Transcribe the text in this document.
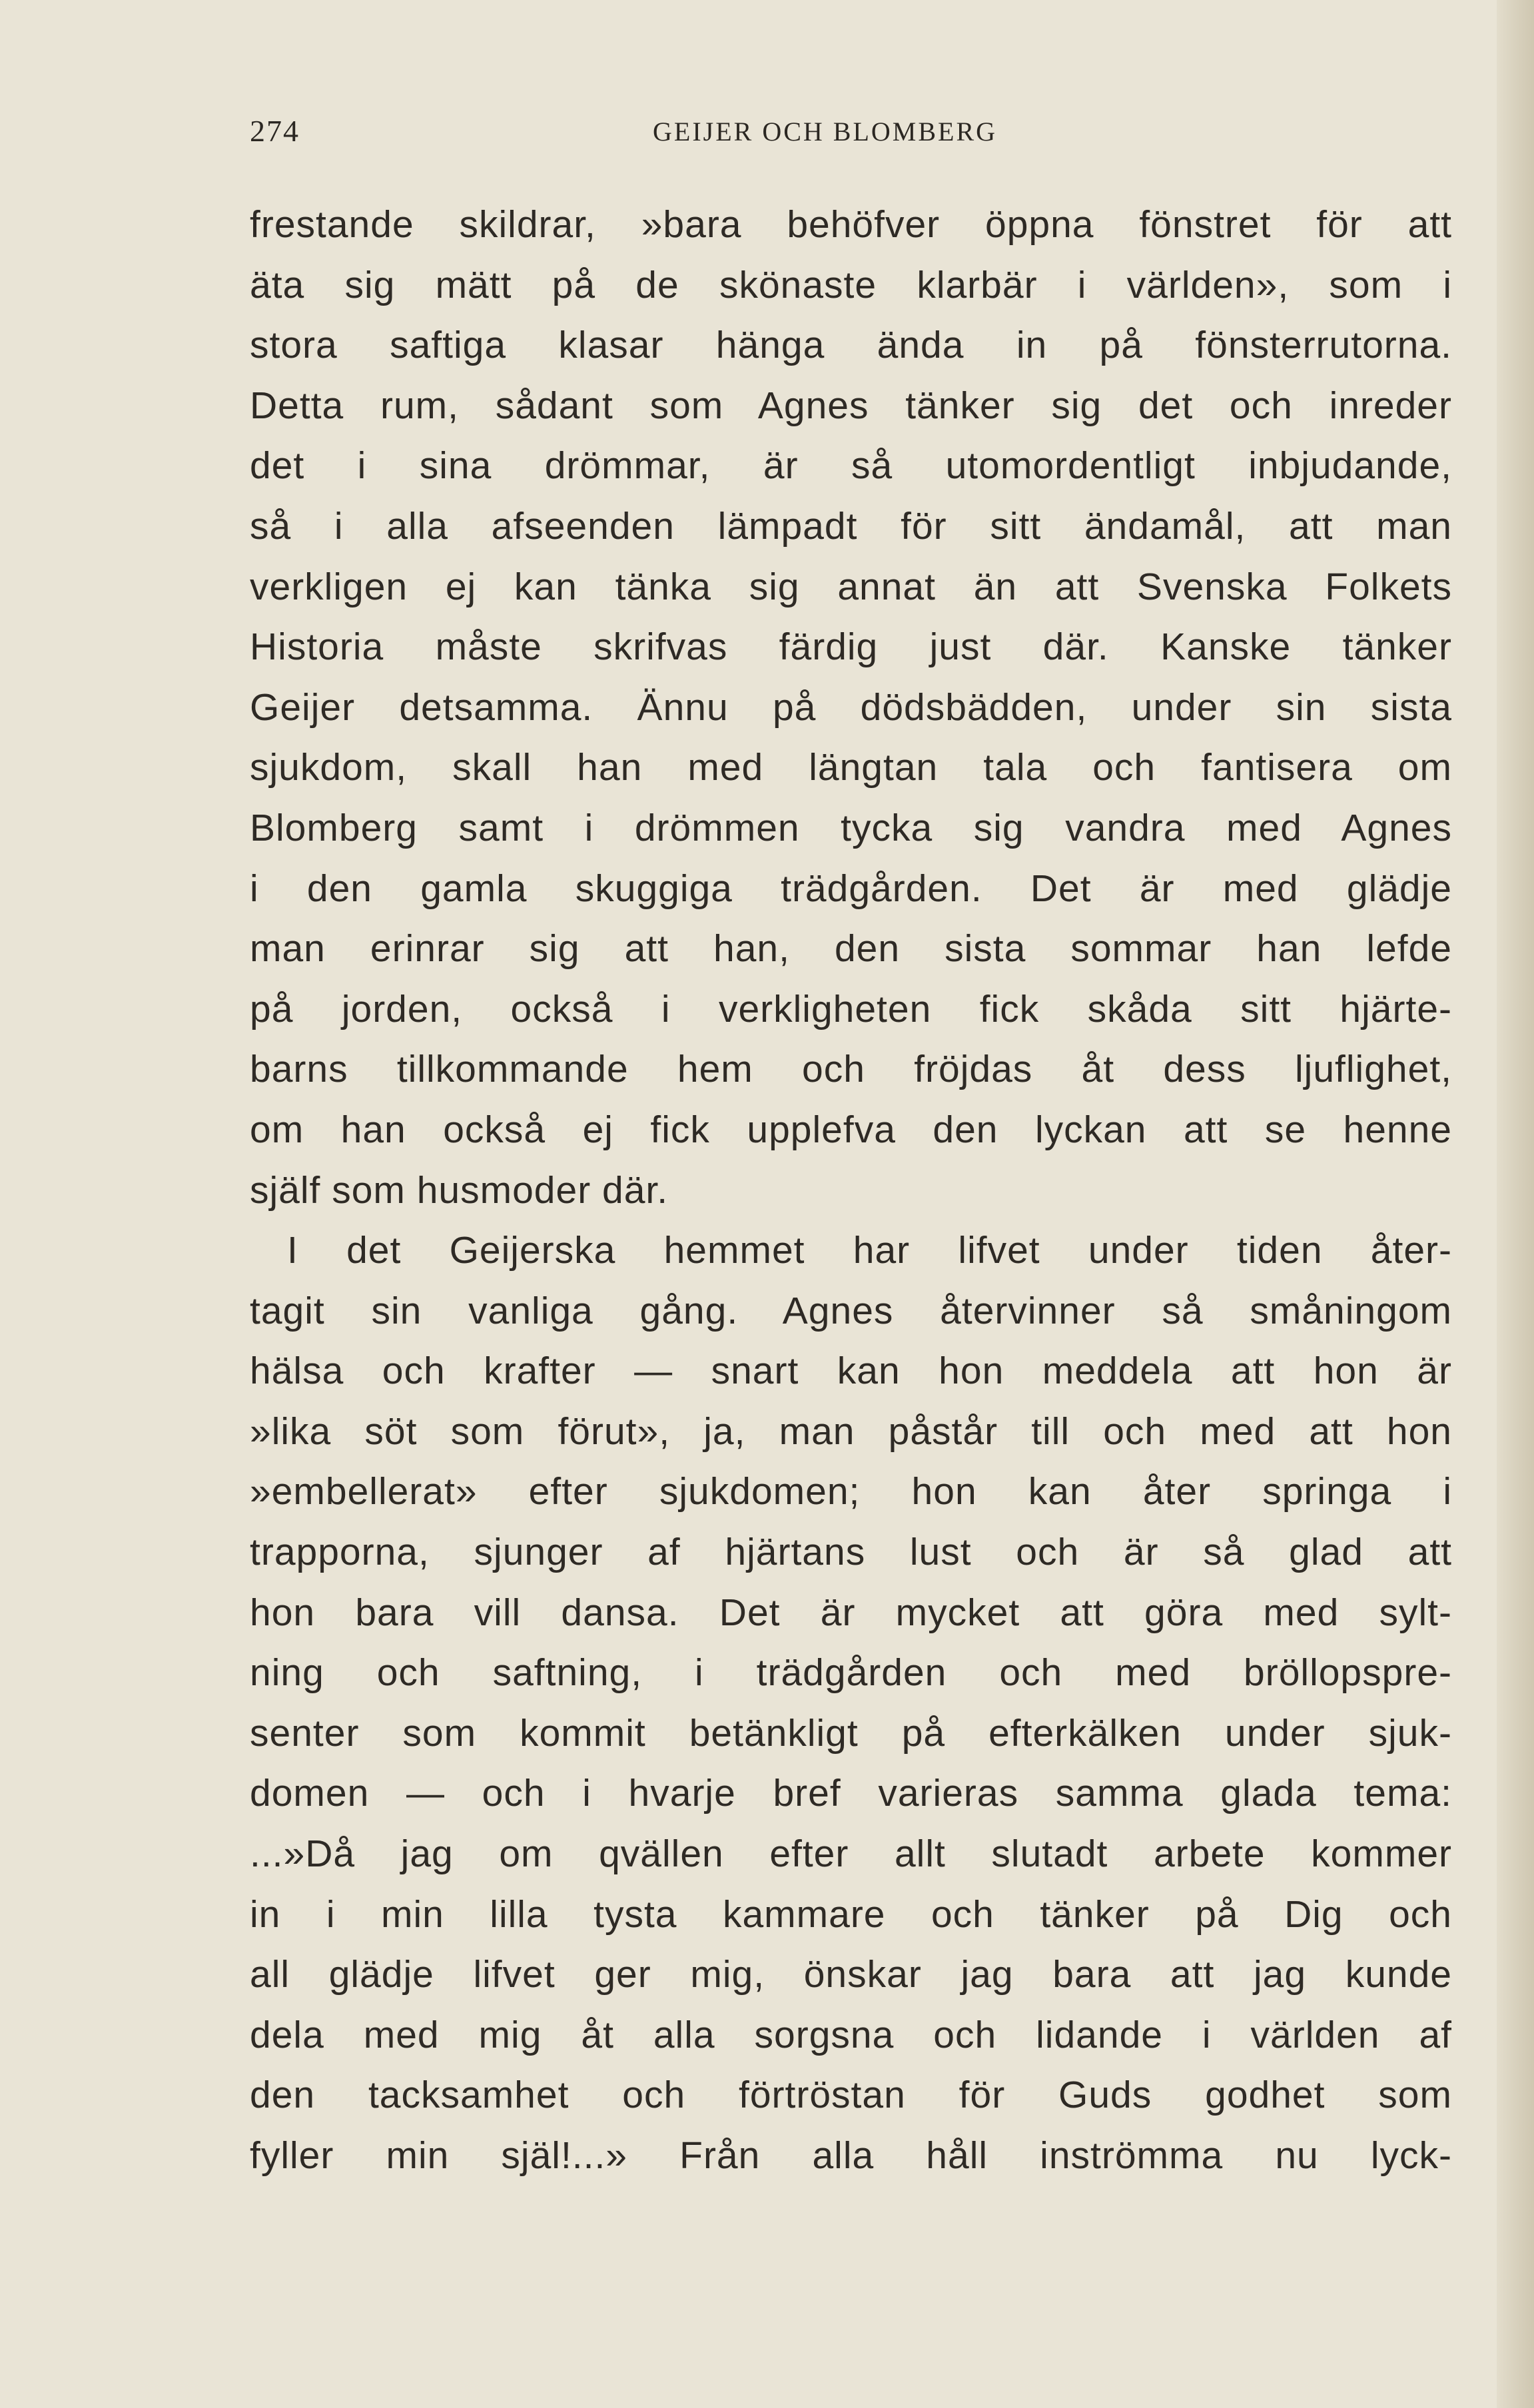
274	GEIJER OCH BLOMBERG
frestande skildrar, »bara behöfver öppna fönstret för att
äta sig mätt på de skönaste klarbär i världen», som i
stora saftiga klasar hänga ända in på fönsterrutorna.
Detta rum, sådant som Agnes tänker sig det och inreder
det i sina drömmar, är så utomordentligt inbjudande,
så i alla afseenden lämpadt för sitt ändamål, att man
verkligen ej kan tänka sig annat än att Svenska Folkets
Historia måste skrifvas färdig just där. Kanske tänker
Geijer detsamma. Ännu på dödsbädden, under sin sista
sjukdom, skall han med längtan tala och fantisera om
Blomberg samt i drömmen tycka sig vandra med Agnes
i den gamla skuggiga trädgården. Det är med glädje
man erinrar sig att han, den sista sommar han lefde
på jorden, också i verkligheten fick skåda sitt hjärte-
barns tillkommande hem och fröjdas åt dess ljuflighet,
om han också ej fick upplefva den lyckan att se henne
själf som husmoder där.
I det Geijerska hemmet har lifvet under tiden åter-
tagit sin vanliga gång. Agnes återvinner så småningom
hälsa och krafter — snart kan hon meddela att hon är
»lika söt som förut», ja, man påstår till och med att hon
»embellerat» efter sjukdomen; hon kan åter springa i
trapporna, sjunger af hjärtans lust och är så glad att
hon bara vill dansa. Det är mycket att göra med sylt-
ning och saftning, i trädgården och med bröllopspre-
senter som kommit betänkligt på efterkälken under sjuk-
domen — och i hvarje bref varieras samma glada tema:
...»Då jag om qvällen efter allt slutadt arbete kommer
in i min lilla tysta kammare och tänker på Dig och
all glädje lifvet ger mig, önskar jag bara att jag kunde
dela med mig åt alla sorgsna och lidande i världen af
den tacksamhet och förtröstan för Guds godhet som
fyller min själ!...» Från alla håll inströmma nu lyck-
